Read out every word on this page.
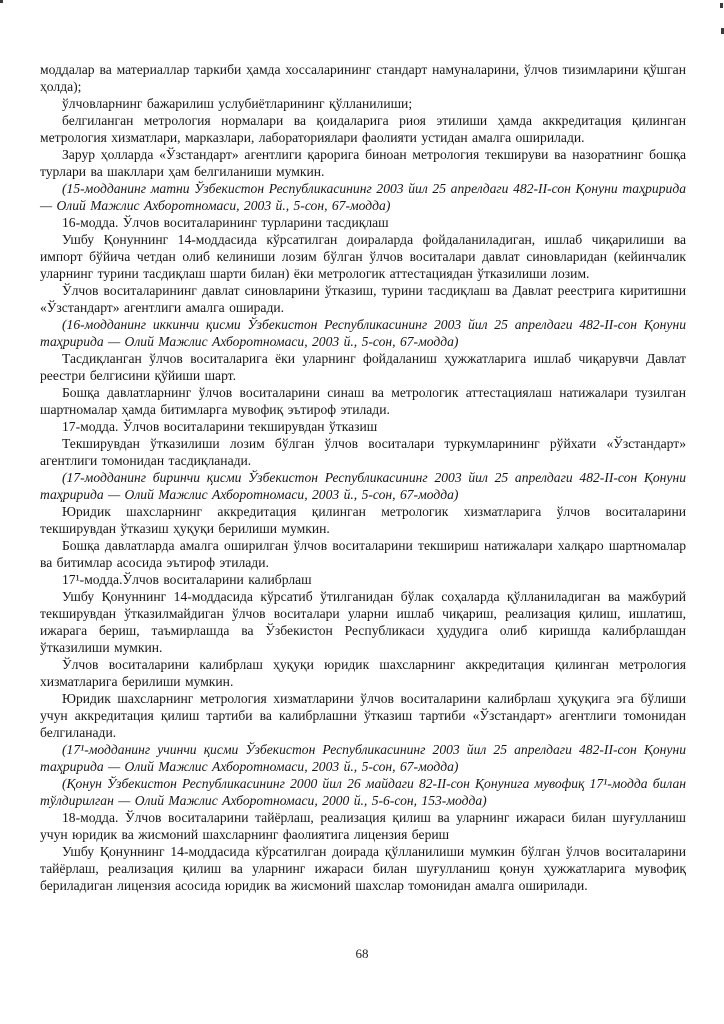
моддалар ва материаллар таркиби ҳамда хоссаларининг стандарт намуналарини, ўлчов тизимларини қўшган ҳолда);

ўлчовларнинг бажарилиш услубиётларининг қўлланилиши;

белгиланган метрология нормалари ва қоидаларига риоя этилиши ҳамда аккредитация қилинган метрология хизматлари, марказлари, лабораториялари фаолияти устидан амалга оширилади.

Зарур ҳолларда «Ўзстандарт» агентлиги қарорига биноан метрология текшируви ва назоратнинг бошқа турлари ва шакллари ҳам белгиланиши мумкин.

(15-модданинг матни Ўзбекистон Республикасининг 2003 йил 25 апрелдаги 482-II-сон Қонуни таҳририда — Олий Мажлис Ахборотномаси, 2003 й., 5-сон, 67-модда)

16-модда. Ўлчов воситаларининг турларини тасдиқлаш

Ушбу Қонуннинг 14-моддасида кўрсатилган доираларда фойдаланиладиган, ишлаб чиқарилиши ва импорт бўйича четдан олиб келиниши лозим бўлган ўлчов воситалари давлат синовларидан (кейинчалик уларнинг турини тасдиқлаш шарти билан) ёки метрологик аттестациядан ўтказилиши лозим.

Ўлчов воситаларининг давлат синовларини ўтказиш, турини тасдиқлаш ва Давлат реестрига киритишни «Ўзстандарт» агентлиги амалга оширади.

(16-модданинг иккинчи қисми Ўзбекистон Республикасининг 2003 йил 25 апрелдаги 482-II-сон Қонуни таҳририда — Олий Мажлис Ахборотномаси, 2003 й., 5-сон, 67-модда)

Тасдиқланган ўлчов воситаларига ёки уларнинг фойдаланиш ҳужжатларига ишлаб чиқарувчи Давлат реестри белгисини қўйиши шарт.

Бошқа давлатларнинг ўлчов воситаларини синаш ва метрологик аттестациялаш натижалари тузилган шартномалар ҳамда битимларга мувофиқ эътироф этилади.

17-модда. Ўлчов воситаларини текширувдан ўтказиш

Текширувдан ўтказилиши лозим бўлган ўлчов воситалари туркумларининг рўйхати «Ўзстандарт» агентлиги томонидан тасдиқланади.

(17-модданинг биринчи қисми Ўзбекистон Республикасининг 2003 йил 25 апрелдаги 482-II-сон Қонуни таҳририда — Олий Мажлис Ахборотномаси, 2003 й., 5-сон, 67-модда)

Юридик шахсларнинг аккредитация қилинган метрологик хизматларига ўлчов воситаларини текширувдан ўтказиш ҳуқуқи берилиши мумкин.

Бошқа давлатларда амалга оширилган ўлчов воситаларини текшириш натижалари халқаро шартномалар ва битимлар асосида эътироф этилади.

17¹-модда.Ўлчов воситаларини калибрлаш

Ушбу Қонуннинг 14-моддасида кўрсатиб ўтилганидан бўлак соҳаларда қўлланиладиган ва мажбурий текширувдан ўтказилмайдиган ўлчов воситалари уларни ишлаб чиқариш, реализация қилиш, ишлатиш, ижарага бериш, таъмирлашда ва Ўзбекистон Республикаси ҳудудига олиб киришда калибрлашдан ўтказилиши мумкин.

Ўлчов воситаларини калибрлаш ҳуқуқи юридик шахсларнинг аккредитация қилинган метрология хизматларига берилиши мумкин.

Юридик шахсларнинг метрология хизматларини ўлчов воситаларини калибрлаш ҳуқуқига эга бўлиши учун аккредитация қилиш тартиби ва калибрлашни ўтказиш тартиби «Ўзстандарт» агентлиги томонидан белгиланади.

(17¹-модданинг учинчи қисми Ўзбекистон Республикасининг 2003 йил 25 апрелдаги 482-II-сон Қонуни таҳририда — Олий Мажлис Ахборотномаси, 2003 й., 5-сон, 67-модда)

(Қонун Ўзбекистон Республикасининг 2000 йил 26 майдаги 82-II-сон Қонунига мувофиқ 17¹-модда билан тўлдирилган — Олий Мажлис Ахборотномаси, 2000 й., 5-6-сон, 153-модда)

18-модда. Ўлчов воситаларини тайёрлаш, реализация қилиш ва уларнинг ижараси билан шуғулланиш учун юридик ва жисмоний шахсларнинг фаолиятига лицензия бериш

Ушбу Қонуннинг 14-моддасида кўрсатилган доирада қўлланилиши мумкин бўлган ўлчов воситаларини тайёрлаш, реализация қилиш ва уларнинг ижараси билан шуғулланиш қонун ҳужжатларига мувофиқ бериладиган лицензия асосида юридик ва жисмоний шахслар томонидан амалга оширилади.

68
